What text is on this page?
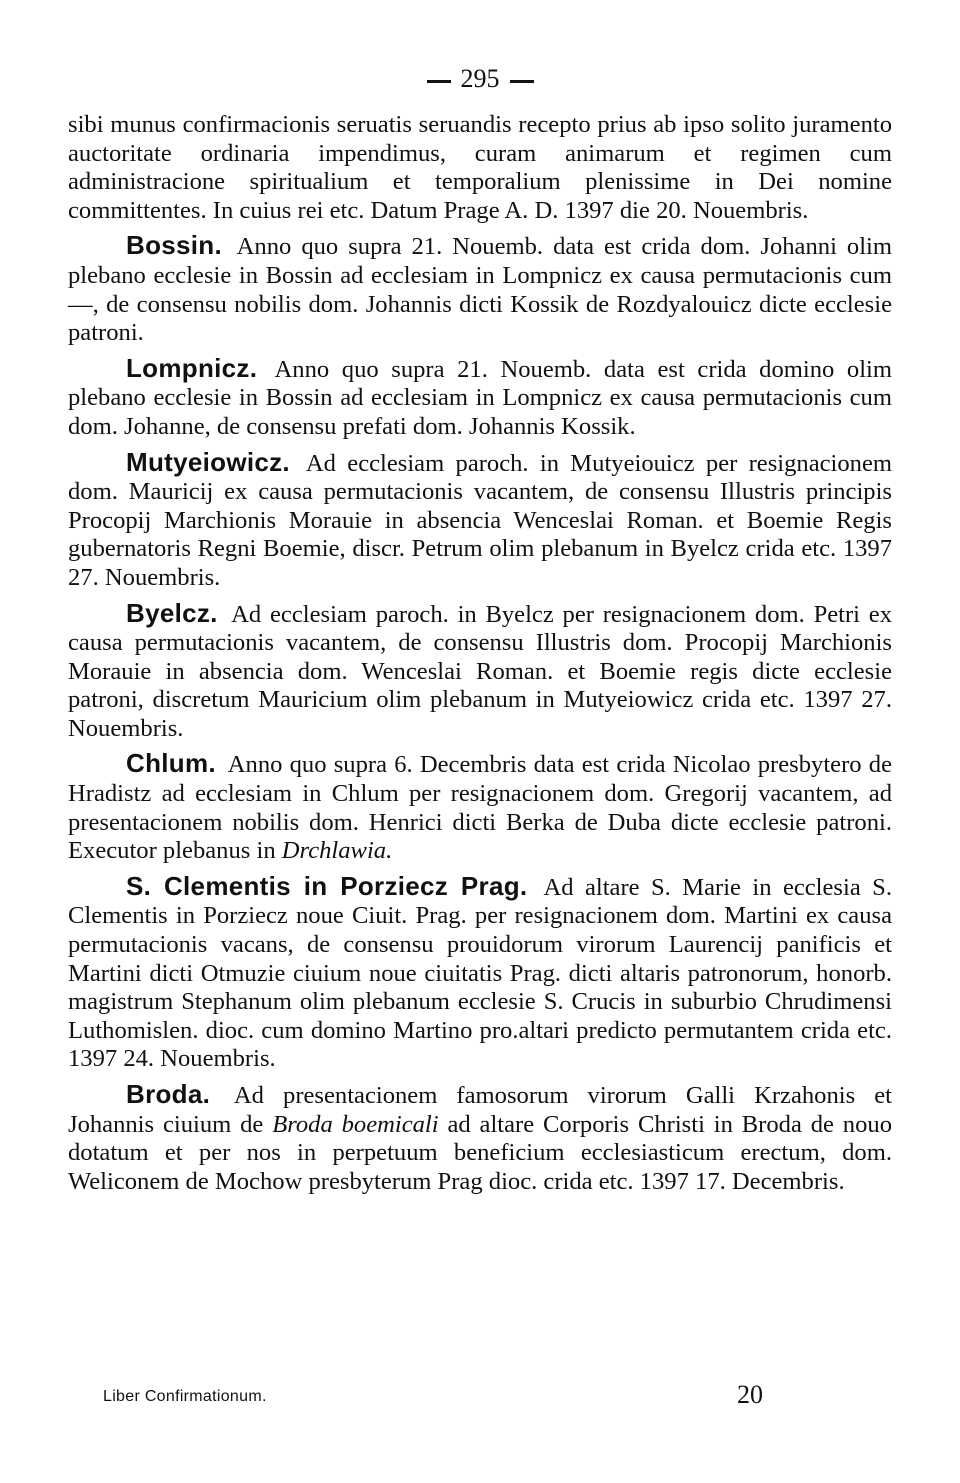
295

sibi munus confirmacionis seruatis seruandis recepto prius ab ipso solito juramento auctoritate ordinaria impendimus, curam animarum et regimen cum administracione spiritualium et temporalium plenissime in Dei nomine committentes. In cuius rei etc. Datum Prage A. D. 1397 die 20. Nouembris.

Bossin. Anno quo supra 21. Nouemb. data est crida dom. Johanni olim plebano ecclesie in Bossin ad ecclesiam in Lompnicz ex causa permutacionis cum —, de consensu nobilis dom. Johannis dicti Kossik de Rozdyalouicz dicte ecclesie patroni.

Lompnicz. Anno quo supra 21. Nouemb. data est crida domino olim plebano ecclesie in Bossin ad ecclesiam in Lompnicz ex causa permutacionis cum dom. Johanne, de consensu prefati dom. Johannis Kossik.

Mutyeiowicz. Ad ecclesiam paroch. in Mutyeiouicz per resignacionem dom. Mauricij ex causa permutacionis vacantem, de consensu Illustris principis Procopij Marchionis Morauie in absencia Wenceslai Roman. et Boemie Regis gubernatoris Regni Boemie, discr. Petrum olim plebanum in Byelcz crida etc. 1397 27. Nouembris.

Byelcz. Ad ecclesiam paroch. in Byelcz per resignacionem dom. Petri ex causa permutacionis vacantem, de consensu Illustris dom. Procopij Marchionis Morauie in absencia dom. Wenceslai Roman. et Boemie regis dicte ecclesie patroni, discretum Mauricium olim plebanum in Mutyeiowicz crida etc. 1397 27. Nouembris.

Chlum. Anno quo supra 6. Decembris data est crida Nicolao presbytero de Hradistz ad ecclesiam in Chlum per resignacionem dom. Gregorij vacantem, ad presentacionem nobilis dom. Henrici dicti Berka de Duba dicte ecclesie patroni. Executor plebanus in Drchlawia.

S. Clementis in Porziecz Prag. Ad altare S. Marie in ecclesia S. Clementis in Porziecz noue Ciuit. Prag. per resignacionem dom. Martini ex causa permutacionis vacans, de consensu prouidorum virorum Laurencij panificis et Martini dicti Otmuzie ciuium noue ciuitatis Prag. dicti altaris patronorum, honorb. magistrum Stephanum olim plebanum ecclesie S. Crucis in suburbio Chrudimensi Luthomislen. dioc. cum domino Martino pro.altari predicto permutantem crida etc. 1397 24. Nouembris.

Broda. Ad presentacionem famosorum virorum Galli Krzahonis et Johannis ciuium de Broda boemicali ad altare Corporis Christi in Broda de nouo dotatum et per nos in perpetuum beneficium ecclesiasticum erectum, dom. Weliconem de Mochow presbyterum Prag dioc. crida etc. 1397 17. Decembris.

Liber Confirmationum.	20
